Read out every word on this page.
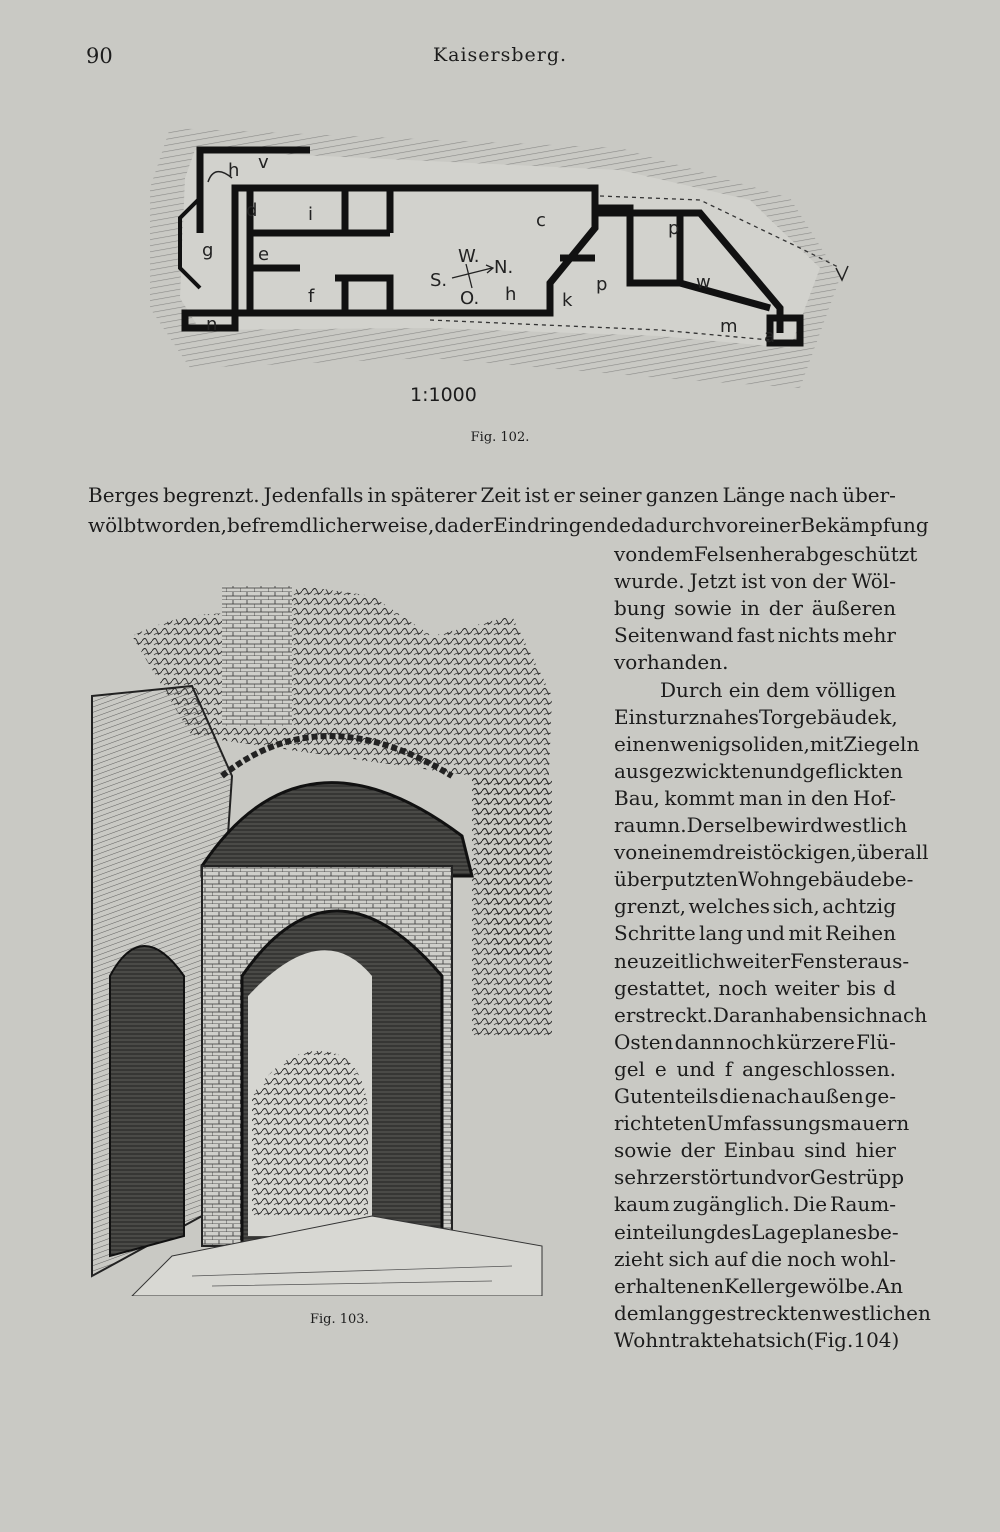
90	Kaisersberg.
h v
g
d	i	c
e
f	h	k
p
p
w
m a
n
W.
S.
N.
O.
1:1000
Fig. 102.
Berges begrenzt. Jedenfalls in späterer Zeit ist er seiner ganzen Länge nach über-
wölbt worden, befremdlicherweise, da der Eindringende dadurch vor einer Bekämpfung
Fig. 103.
von dem Felsen herab geschützt
wurde. Jetzt ist von der Wöl-
bung sowie in der äußeren
Seitenwand fast nichts mehr
vorhanden.
Durch ein dem völligen
Einsturz nahes Torgebäude k,
einen wenig soliden, mit Ziegeln
ausgezwickten und geflickten
Bau, kommt man in den Hof-
raum n. Derselbe wird westlich
von einem dreistöckigen, überall
überputzten Wohngebäude be-
grenzt, welches sich, achtzig
Schritte lang und mit Reihen
neuzeitlich weiter Fenster aus-
gestattet, noch weiter bis d
erstreckt. Daran haben sich nach
Osten dann noch kürzere Flü-
gel e und f angeschlossen.
Gutenteils die nach außen ge-
richteten Umfassungsmauern
sowie der Einbau sind hier
sehr zerstört und vor Gestrüpp
kaum zugänglich. Die Raum-
einteilung des Lageplanes be-
zieht sich auf die noch wohl-
erhaltenen Kellergewölbe. An
dem langgestreckten westlichen
Wohntrakte hat sich (Fig. 104)
